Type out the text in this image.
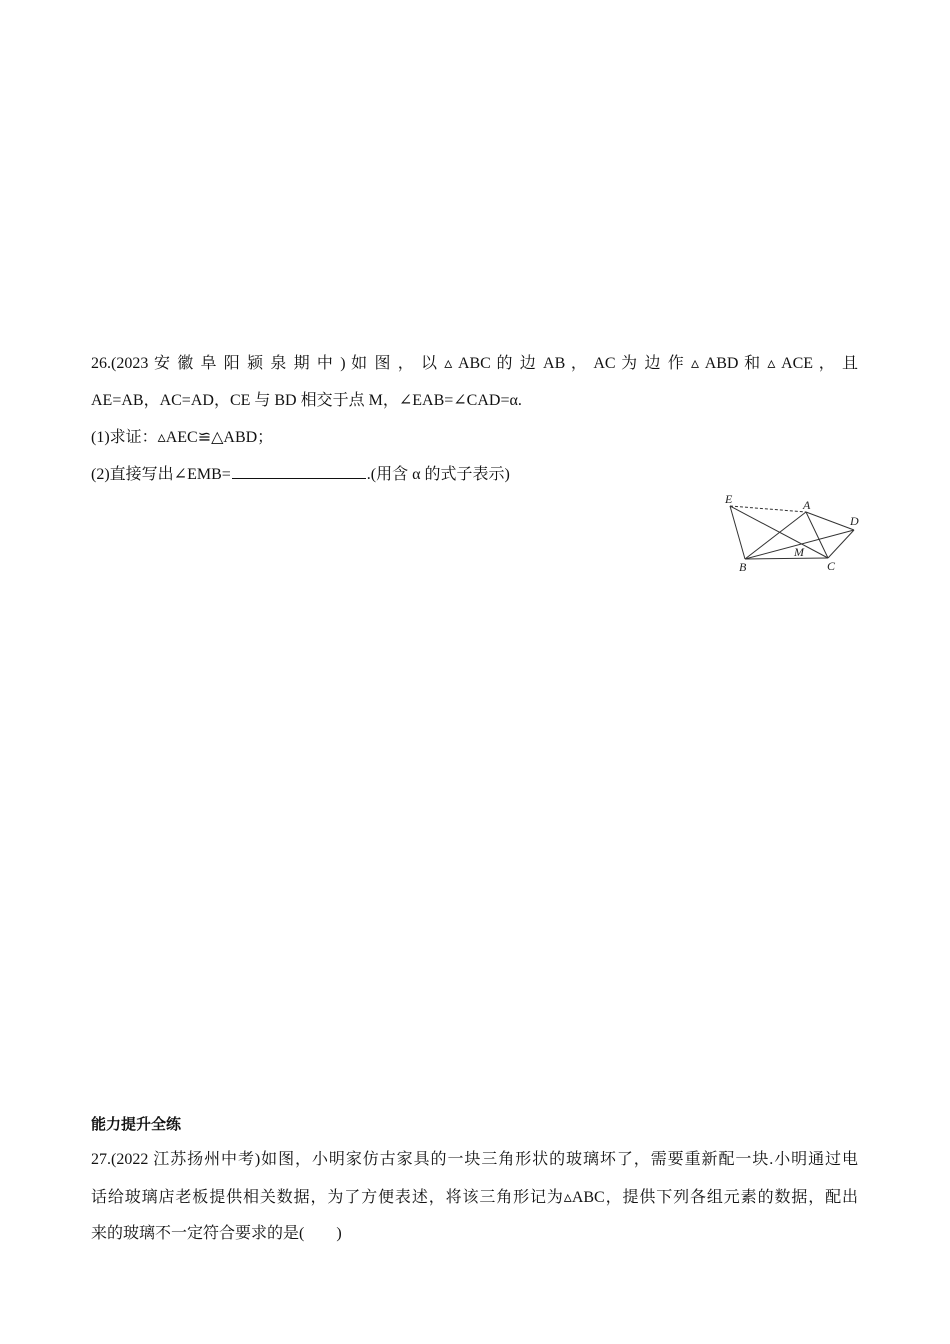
26.(2023 安 徽 阜 阳 颍 泉 期 中 ) 如 图 ， 以 ▵ ABC 的 边 AB ， AC 为 边 作 ▵ ABD 和 ▵ ACE ， 且
AE=AB，AC=AD，CE 与 BD 相交于点 M，∠EAB=∠CAD=α.
(1)求证：▵AEC≌△ABD；
(2)直接写出∠EMB=	.(用含 α 的式子表示)
E	A
D
B
M
C
能力提升全练
27.(2022 江苏扬州中考)如图，小明家仿古家具的一块三角形状的玻璃坏了，需要重新配一块.小明通过电
话给玻璃店老板提供相关数据，为了方便表述，将该三角形记为▵ABC，提供下列各组元素的数据，配出
来的玻璃不一定符合要求的是(　　)
